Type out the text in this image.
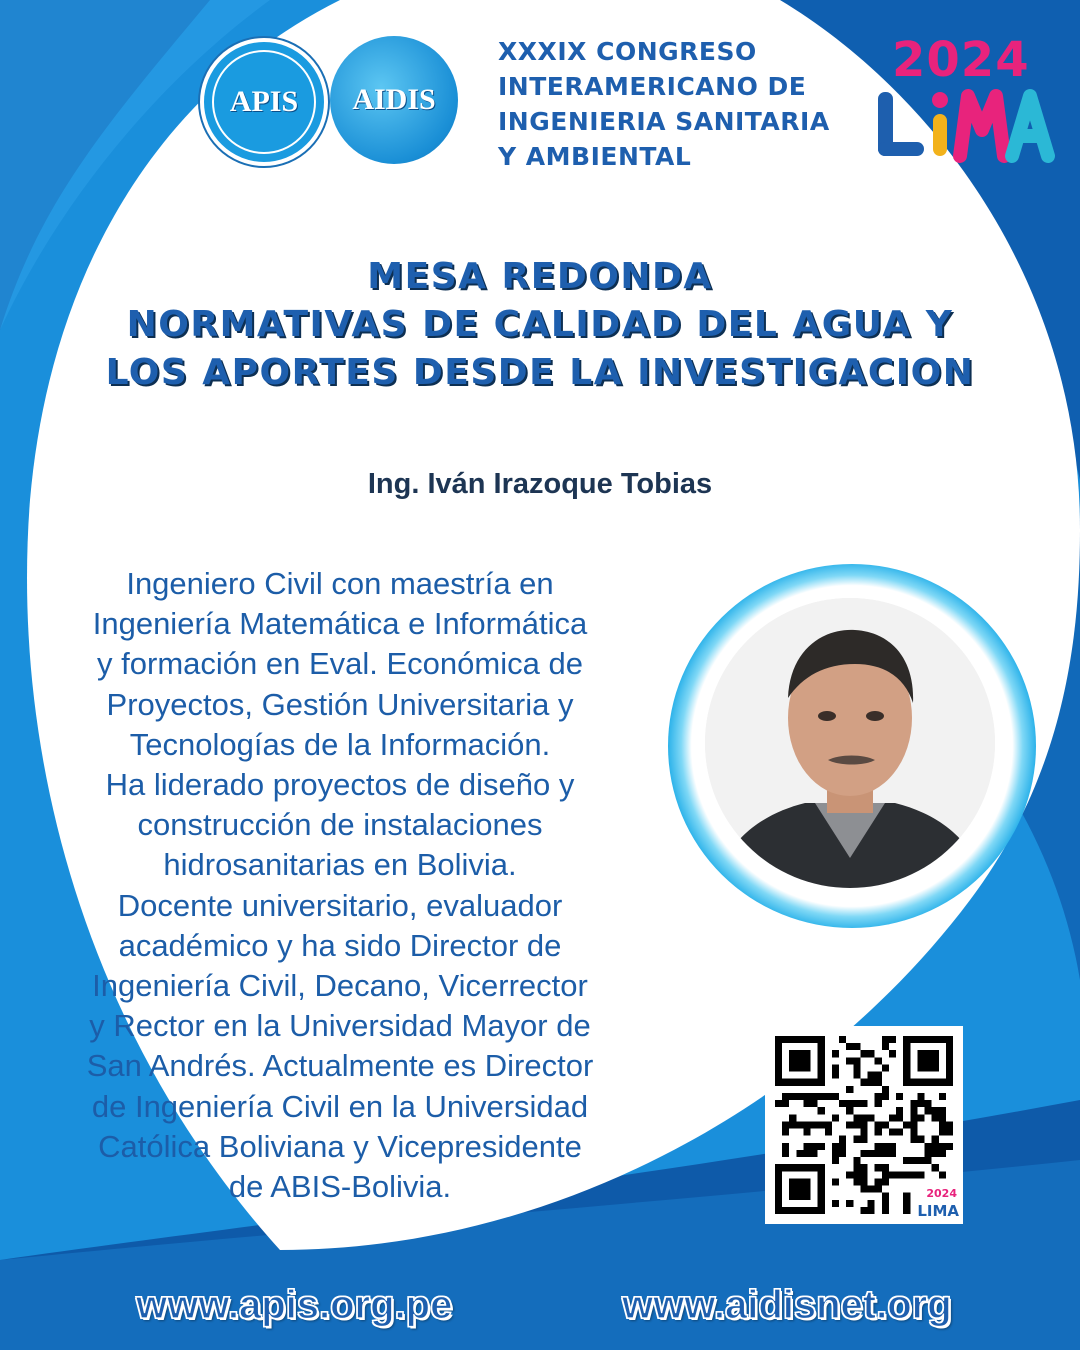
APIS AIDIS
XXXIX CONGRESO
INTERAMERICANO DE
INGENIERIA SANITARIA
Y AMBIENTAL
2024
MESA REDONDA
NORMATIVAS DE CALIDAD DEL AGUA Y
LOS APORTES DESDE LA INVESTIGACION
Ing. Iván Irazoque Tobias
Ingeniero Civil con maestría en
Ingeniería Matemática e Informática
y formación en Eval. Económica de
Proyectos, Gestión Universitaria y
Tecnologías de la Información.
Ha liderado proyectos de diseño y
construcción de instalaciones
hidrosanitarias en Bolivia.
Docente universitario, evaluador
académico y ha sido Director de
Ingeniería Civil, Decano, Vicerrector
y Rector en la Universidad Mayor de
San Andrés. Actualmente es Director
de Ingeniería Civil en la Universidad
Católica Boliviana y Vicepresidente
de ABIS-Bolivia.	2024
LIMA
www.apis.org.pe	www.aidisnet.org
